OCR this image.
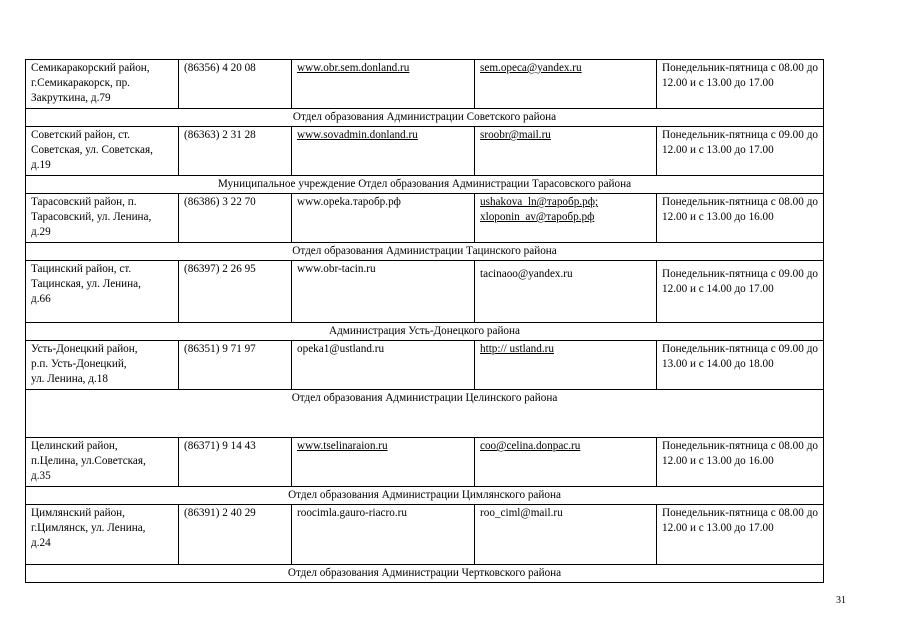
Семикаракорский район,
г.Семикаракорск, пр.
Закруткина, д.79	(86356) 4 20 08	www.obr.sem.donland.ru	sem.opeca@yandex.ru	Понедельник-пятница с 08.00 до 12.00 и с 13.00 до 17.00
Отдел образования Администрации Советского района				

Советский район, ст.
Советская, ул. Советская,
д.19	(86363) 2 31 28	www.sovadmin.donland.ru	sroobr@mail.ru	Понедельник-пятница с 09.00 до 12.00 и с 13.00 до 17.00
Муниципальное учреждение Отдел образования Администрации Тарасовского района				

Тарасовский район, п.
Тарасовский, ул. Ленина,
д.29	(86386) 3 22 70	www.opeka.таробр.рф	ushakova_ln@таробр.рф;
xloponin_av@таробр.рф	Понедельник-пятница с 08.00 до 12.00 и с 13.00 до 16.00
Отдел образования Администрации Тацинского района				

Тацинский район, ст.
Тацинская, ул. Ленина,
д.66	(86397) 2 26 95	www.obr-tacin.ru	tacinaoo@yandex.ru	Понедельник-пятница с 09.00 до 12.00 и с 14.00 до 17.00
Администрация Усть-Донецкого района				

Усть-Донецкий район,
р.п. Усть-Донецкий,
ул. Ленина, д.18	(86351) 9 71 97	opeka1@ustland.ru	http:// ustland.ru	Понедельник-пятница с 09.00 до 13.00 и с 14.00 до 18.00
Отдел образования Администрации Целинского района				

Целинский район,
п.Целина, ул.Советская,
д.35	(86371) 9 14 43	www.tselinaraion.ru	coo@celina.donpac.ru	Понедельник-пятница с 08.00 до 12.00 и с 13.00 до 16.00
Отдел образования Администрации Цимлянского района				

Цимлянский район,
г.Цимлянск, ул. Ленина,
д.24	(86391) 2 40 29	roocimla.gauro-riacro.ru	roo_ciml@mail.ru	Понедельник-пятница с 08.00 до 12.00 и с 13.00 до 17.00
Отдел образования Администрации Чертковского района				
31
